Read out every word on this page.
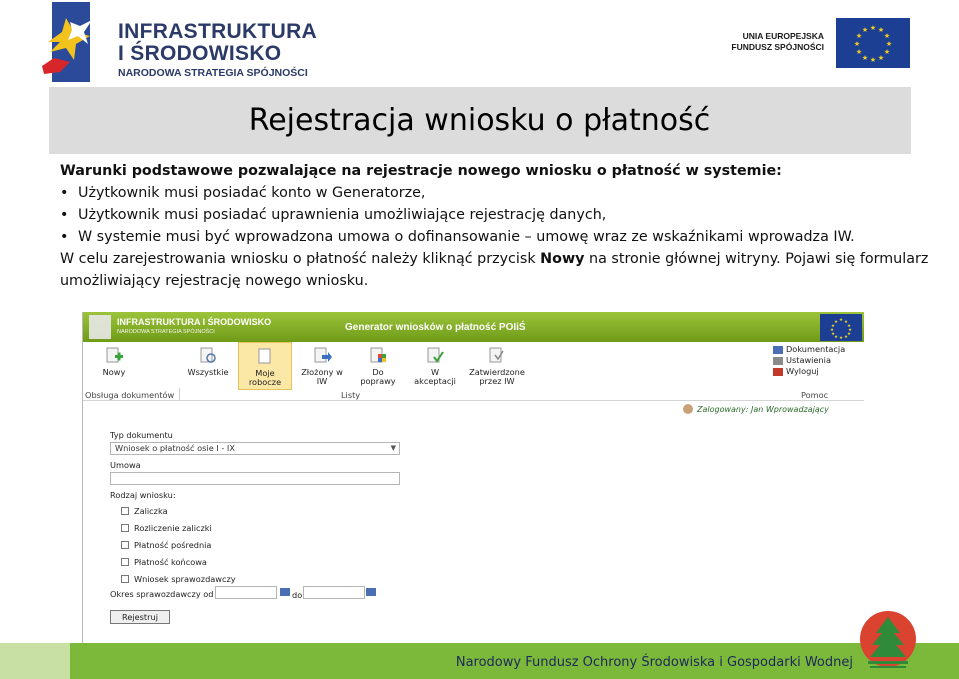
INFRASTRUKTURA
I ŚRODOWISKO
NARODOWA STRATEGIA SPÓJNOŚCI
UNIA EUROPEJSKA
FUNDUSZ SPÓJNOŚCI
★ ★
★
★
★
★
★
★
★
★
★
★
Rejestracja wniosku o płatność
Warunki podstawowe pozwalające na rejestracje nowego wniosku o płatność w systemie:
• Użytkownik musi posiadać konto w Generatorze,
• Użytkownik musi posiadać uprawnienia umożliwiające rejestrację danych,
• W systemie musi być wprowadzona umowa o dofinansowanie – umowę wraz ze wskaźnikami wprowadza IW.
W celu zarejestrowania wniosku o płatność należy kliknąć przycisk Nowy na stronie głównej witryny. Pojawi się formularz umożliwiający rejestrację nowego wniosku.
INFRASTRUKTURA I ŚRODOWISKO
NARODOWA STRATEGIA SPÓJNOŚCI	Generator wniosków o płatność POIiŚ
★ ★
★
★
★
★
★
★
★
★
★
★
Nowy	Wszystkie	Moje
robocze
Złożony w
IW
Do
poprawy
W
akceptacji
Zatwierdzone
przez IW
Obsługa dokumentów	Listy	Pomoc
Dokumentacja
Ustawienia
Wyloguj
Zalogowany: Jan Wprowadzający
Typ dokumentu
Wniosek o płatność osie I - IX	▼
Umowa
Rodzaj wniosku:
Zaliczka
Rozliczenie zaliczki
Płatność pośrednia
Płatność końcowa
Wniosek sprawozdawczy
Okres sprawozdawczy od	do
Rejestruj
Narodowy Fundusz Ochrony Środowiska i Gospodarki Wodnej
